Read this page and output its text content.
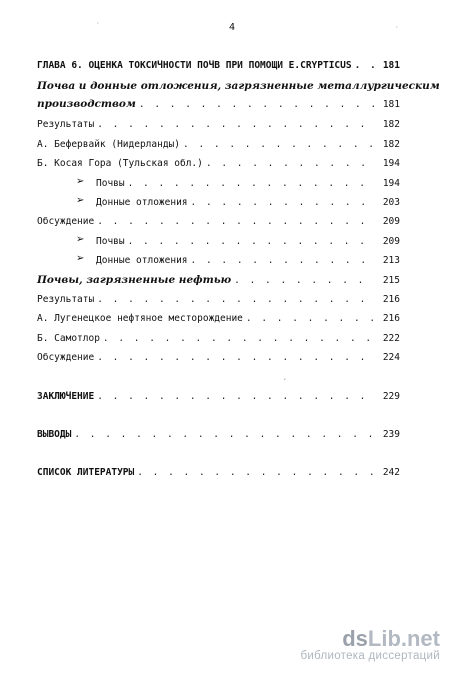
4
ГЛАВА 6. ОЦЕНКА ТОКСИЧНОСТИ ПОЧВ ПРИ ПОМОЩИ E.CRYPTICUS . . .	181
Почва и донные отложения, загрязненные металлургическим
производством . . .	181
Результаты . . .	182
А. Бефервайк (Нидерланды) . . .	182
Б. Косая Гора (Тульская обл.) . . .	194
➢ Почвы . . .	194
➢ Донные отложения . . .	203
Обсуждение . . .	209
➢ Почвы . . .	209
➢ Донные отложения . . .	213
Почвы, загрязненные нефтью . . .	215
Результаты . . .	216
А. Лугенецкое нефтяное месторождение . . .	216
Б. Самотлор . . .	222
Обсуждение . . .	224
ЗАКЛЮЧЕНИЕ . . .	229
ВЫВОДЫ . . .	239
СПИСОК ЛИТЕРАТУРЫ . . .	242
·
·
ʻ
dsLib.net
библиотека диссертаций
